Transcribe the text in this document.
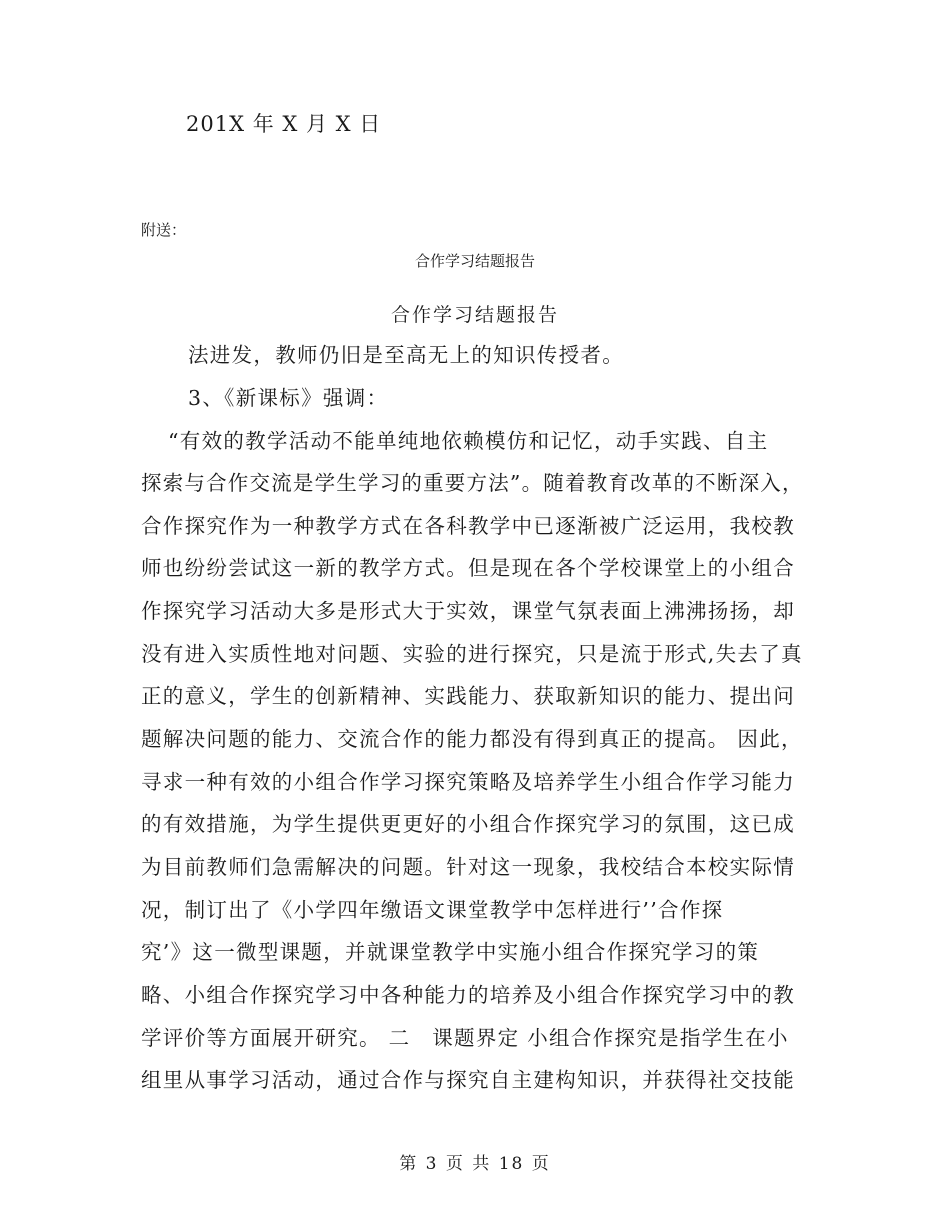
201X 年 X 月 X 日
附送：
合作学习结题报告
合作学习结题报告
法进发，教师仍旧是至高无上的知识传授者。
3、《新课标》强调：
“有效的教学活动不能单纯地依赖模仿和记忆，动手实践、自主
探索与合作交流是学生学习的重要方法”。随着教育改革的不断深入，
合作探究作为一种教学方式在各科教学中已逐渐被广泛运用，我校教
师也纷纷尝试这一新的教学方式。但是现在各个学校课堂上的小组合
作探究学习活动大多是形式大于实效，课堂气氛表面上沸沸扬扬，却
没有进入实质性地对问题、实验的进行探究，只是流于形式,失去了真
正的意义，学生的创新精神、实践能力、获取新知识的能力、提出问
题解决问题的能力、交流合作的能力都没有得到真正的提高。 因此，
寻求一种有效的小组合作学习探究策略及培养学生小组合作学习能力
的有效措施，为学生提供更更好的小组合作探究学习的氛围，这已成
为目前教师们急需解决的问题。针对这一现象，我校结合本校实际情
况，制订出了《小学四年缴语文课堂教学中怎样进行’’合作探
究’》这一微型课题，并就课堂教学中实施小组合作探究学习的策
略、小组合作探究学习中各种能力的培养及小组合作探究学习中的教
学评价等方面展开研究。 二　课题界定 小组合作探究是指学生在小
组里从事学习活动，通过合作与探究自主建构知识，并获得社交技能
第 3 页 共 18 页
